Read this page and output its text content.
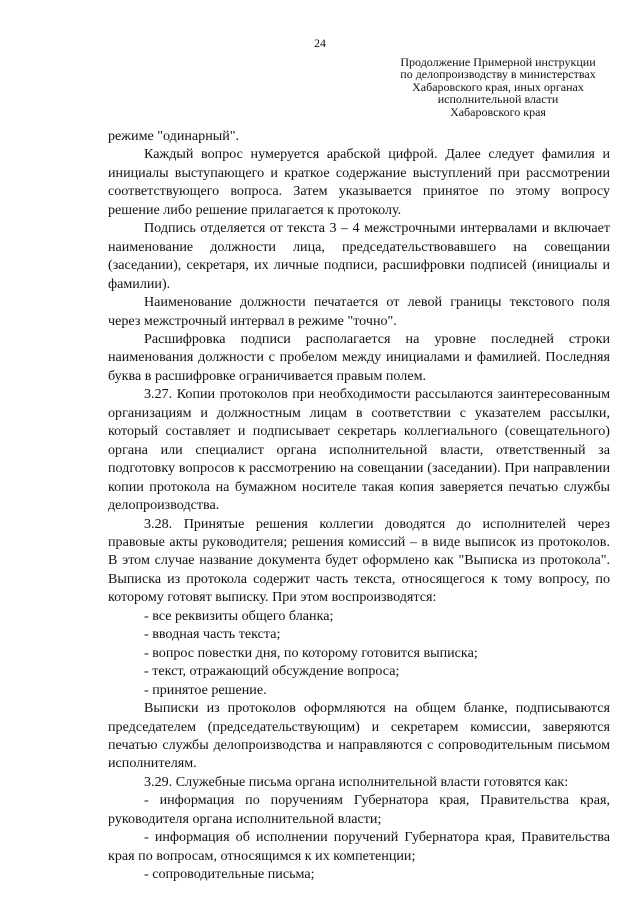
24
Продолжение Примерной инструкции
по делопроизводству в министерствах
Хабаровского края, иных органах
исполнительной власти
Хабаровского края

режиме "одинарный".

Каждый вопрос нумеруется арабской цифрой. Далее следует фамилия и инициалы выступающего и краткое содержание выступлений при рассмотрении соответствующего вопроса. Затем указывается принятое по этому вопросу решение либо решение прилагается к протоколу.

Подпись отделяется от текста 3 – 4 межстрочными интервалами и включает наименование должности лица, председательствовавшего на совещании (заседании), секретаря, их личные подписи, расшифровки подписей (инициалы и фамилии).

Наименование должности печатается от левой границы текстового поля через межстрочный интервал в режиме "точно".

Расшифровка подписи располагается на уровне последней строки наименования должности с пробелом между инициалами и фамилией. Последняя буква в расшифровке ограничивается правым полем.

3.27. Копии протоколов при необходимости рассылаются заинтересованным организациям и должностным лицам в соответствии с указателем рассылки, который составляет и подписывает секретарь коллегиального (совещательного) органа или специалист органа исполнительной власти, ответственный за подготовку вопросов к рассмотрению на совещании (заседании). При направлении копии протокола на бумажном носителе такая копия заверяется печатью службы делопроизводства.

3.28. Принятые решения коллегии доводятся до исполнителей через правовые акты руководителя; решения комиссий – в виде выписок из протоколов. В этом случае название документа будет оформлено как "Выписка из протокола". Выписка из протокола содержит часть текста, относящегося к тому вопросу, по которому готовят выписку. При этом воспроизводятся:

- все реквизиты общего бланка;

- вводная часть текста;

- вопрос повестки дня, по которому готовится выписка;

- текст, отражающий обсуждение вопроса;

- принятое решение.

Выписки из протоколов оформляются на общем бланке, подписываются председателем (председательствующим) и секретарем комиссии, заверяются печатью службы делопроизводства и направляются с сопроводительным письмом исполнителям.

3.29. Служебные письма органа исполнительной власти готовятся как:

- информация по поручениям Губернатора края, Правительства края, руководителя органа исполнительной власти;

- информация об исполнении поручений Губернатора края, Правительства края по вопросам, относящимся к их компетенции;

- сопроводительные письма;
